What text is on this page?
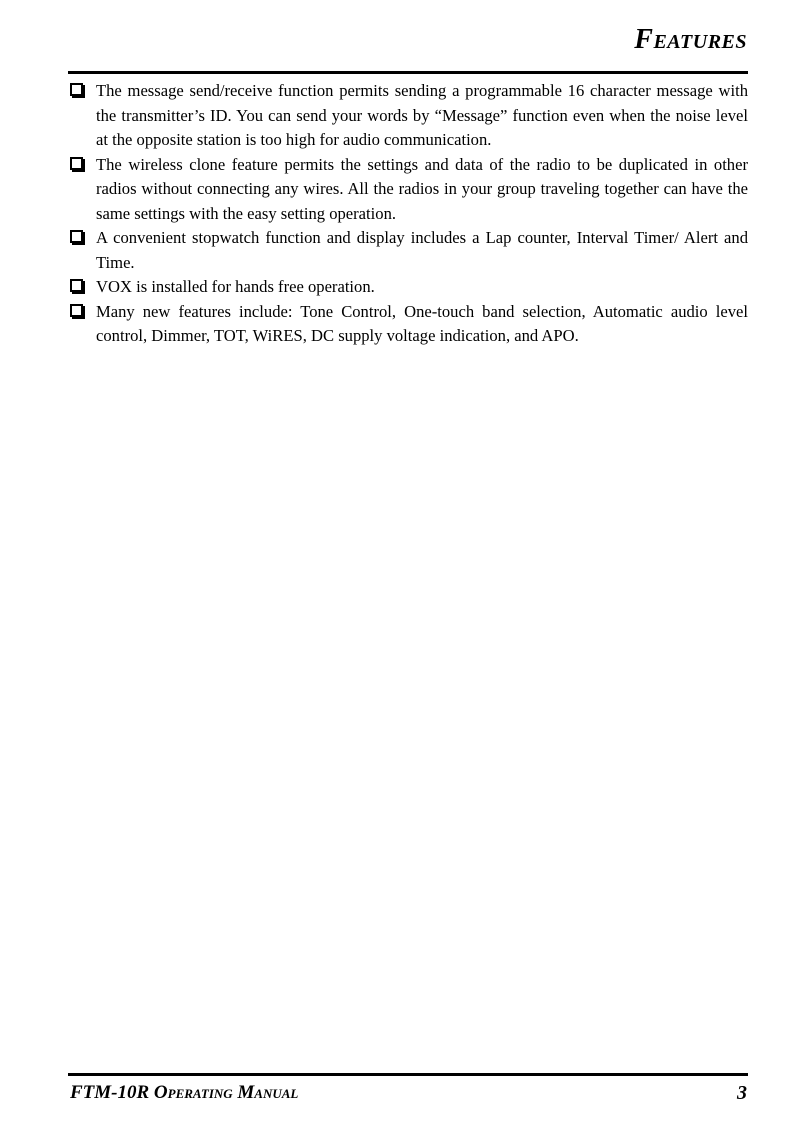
Features
The message send/receive function permits sending a programmable 16 character message with the transmitter’s ID. You can send your words by “Message” function even when the noise level at the opposite station is too high for audio communication.
The wireless clone feature permits the settings and data of the radio to be duplicated in other radios without connecting any wires. All the radios in your group traveling together can have the same settings with the easy setting operation.
A convenient stopwatch function and display includes a Lap counter, Interval Timer/ Alert and Time.
VOX is installed for hands free operation.
Many new features include: Tone Control, One-touch band selection, Automatic audio level control, Dimmer, TOT, WiRES, DC supply voltage indication, and APO.
FTM-10R Operating Manual	3
